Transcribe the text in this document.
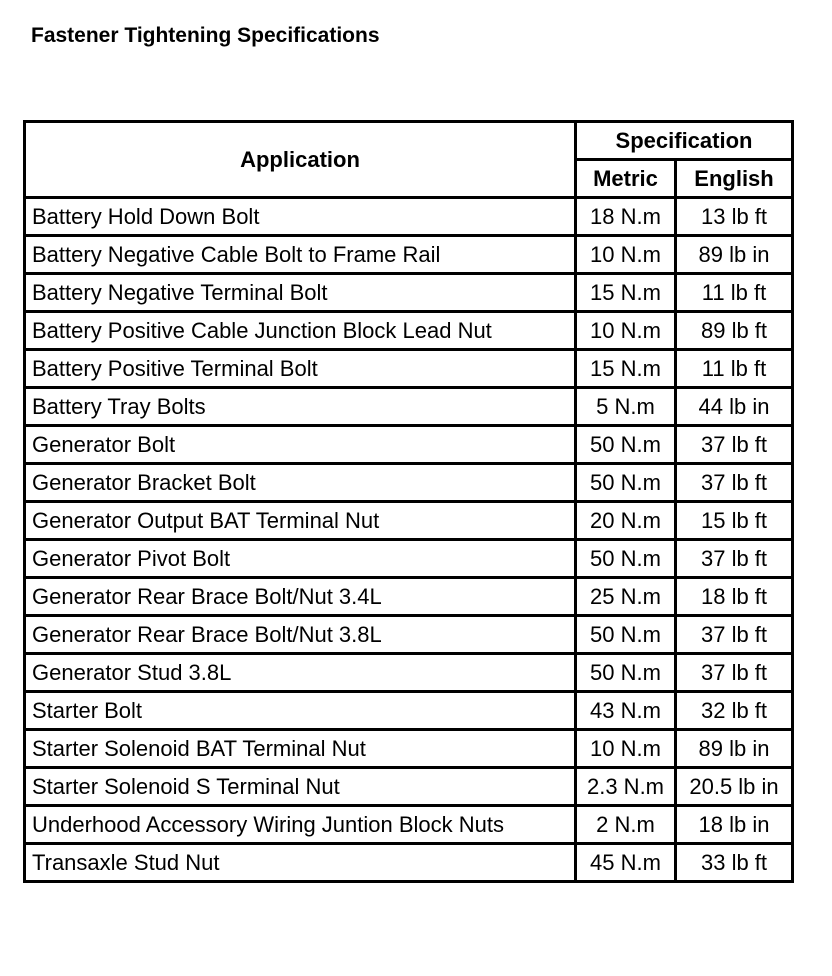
Fastener Tightening Specifications
Application	Specification	
	Metric	English
Battery Hold Down Bolt	18 N.m	13 lb ft
Battery Negative Cable Bolt to Frame Rail	10 N.m	89 lb in
Battery Negative Terminal Bolt	15 N.m	11 lb ft
Battery Positive Cable Junction Block Lead Nut	10 N.m	89 lb ft
Battery Positive Terminal Bolt	15 N.m	11 lb ft
Battery Tray Bolts	5 N.m	44 lb in
Generator Bolt	50 N.m	37 lb ft
Generator Bracket Bolt	50 N.m	37 lb ft
Generator Output BAT Terminal Nut	20 N.m	15 lb ft
Generator Pivot Bolt	50 N.m	37 lb ft
Generator Rear Brace Bolt/Nut 3.4L	25 N.m	18 lb ft
Generator Rear Brace Bolt/Nut 3.8L	50 N.m	37 lb ft
Generator Stud 3.8L	50 N.m	37 lb ft
Starter Bolt	43 N.m	32 lb ft
Starter Solenoid BAT Terminal Nut	10 N.m	89 lb in
Starter Solenoid S Terminal Nut	2.3 N.m	20.5 lb in
Underhood Accessory Wiring Juntion Block Nuts	2 N.m	18 lb in
Transaxle Stud Nut	45 N.m	33 lb ft
